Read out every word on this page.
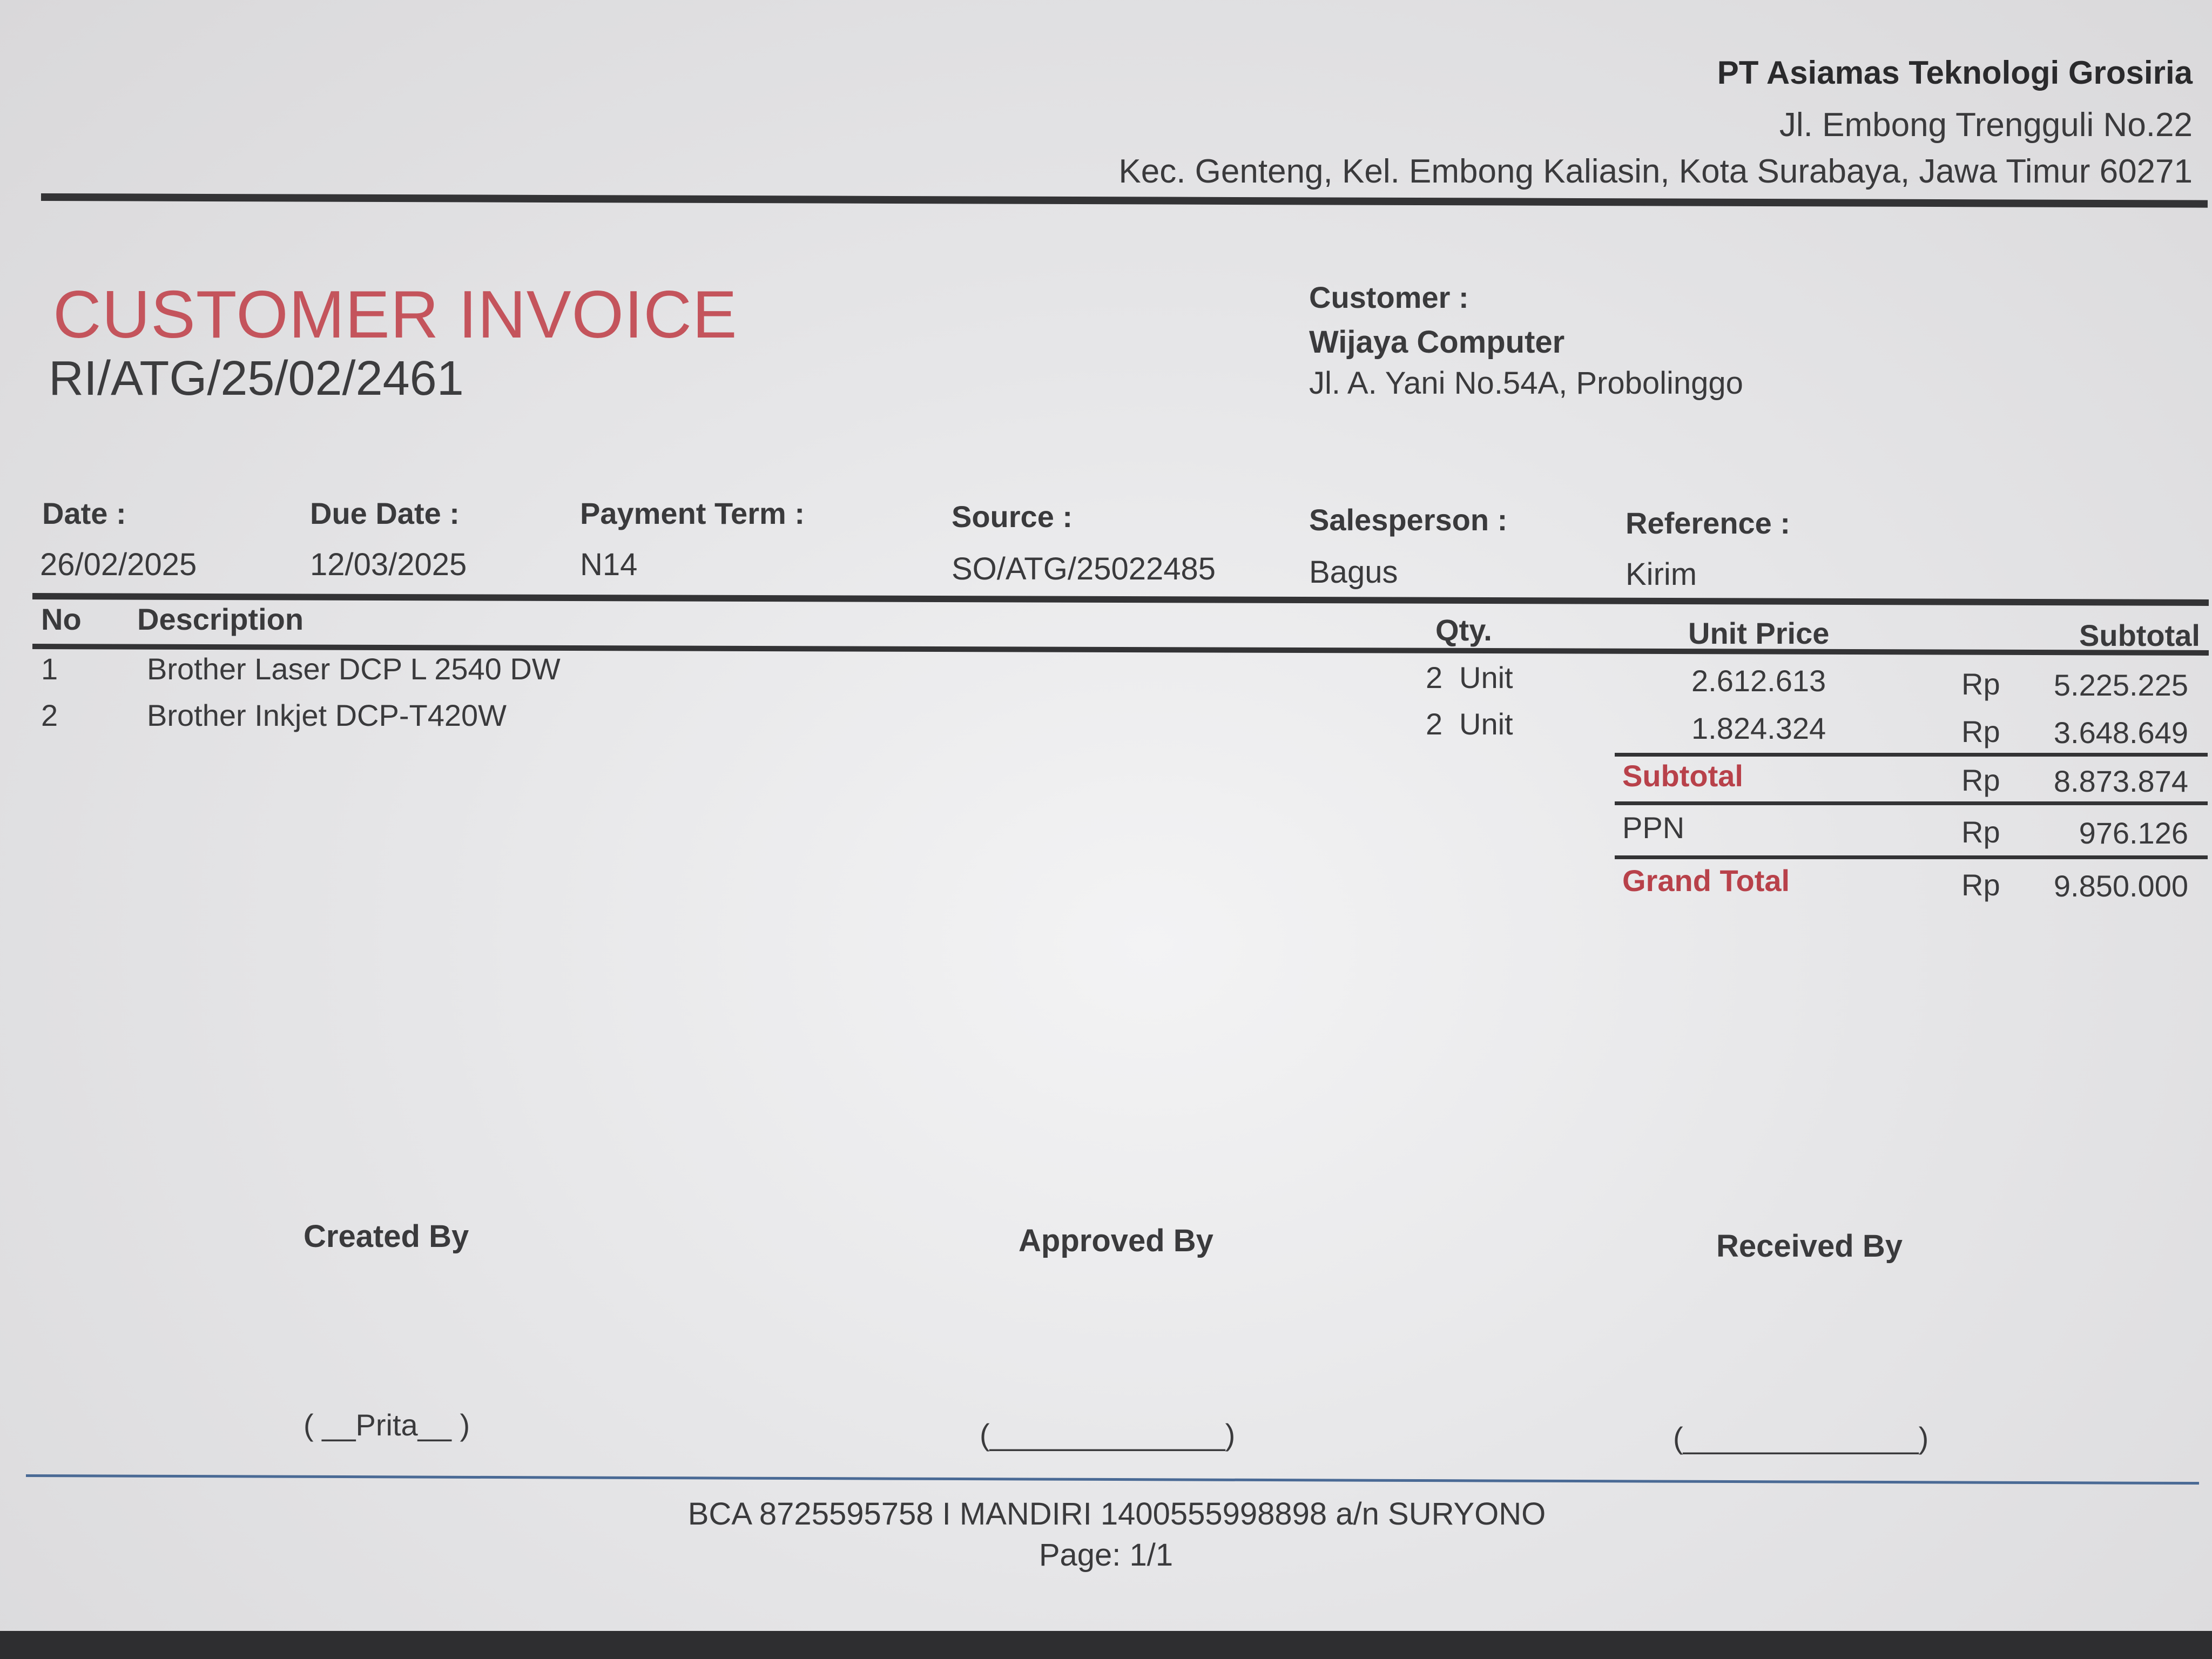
PT Asiamas Teknologi Grosiria
Jl. Embong Trengguli No.22
Kec. Genteng, Kel. Embong Kaliasin, Kota Surabaya, Jawa Timur 60271
CUSTOMER INVOICE
RI/ATG/25/02/2461
Customer :
Wijaya Computer
Jl. A. Yani No.54A, Probolinggo
Date :
26/02/2025
Due Date :
12/03/2025
Payment Term :
N14
Source :
SO/ATG/25022485
Salesperson :
Bagus
Reference :
Kirim
No Description	Qty.	Unit Price	Subtotal
1	Brother Laser DCP L 2540 DW	2 Unit	2.612.613	Rp 5.225.225
2	Brother Inkjet DCP-T420W	2 Unit	1.824.324	Rp 3.648.649
Subtotal	Rp 8.873.874
PPN	Rp	976.126
Grand Total	Rp 9.850.000
Created By
( __Prita__ )
Approved By
(______________)
Received By
(______________)
BCA 8725595758 I MANDIRI 1400555998898 a/n SURYONO
Page: 1/1
